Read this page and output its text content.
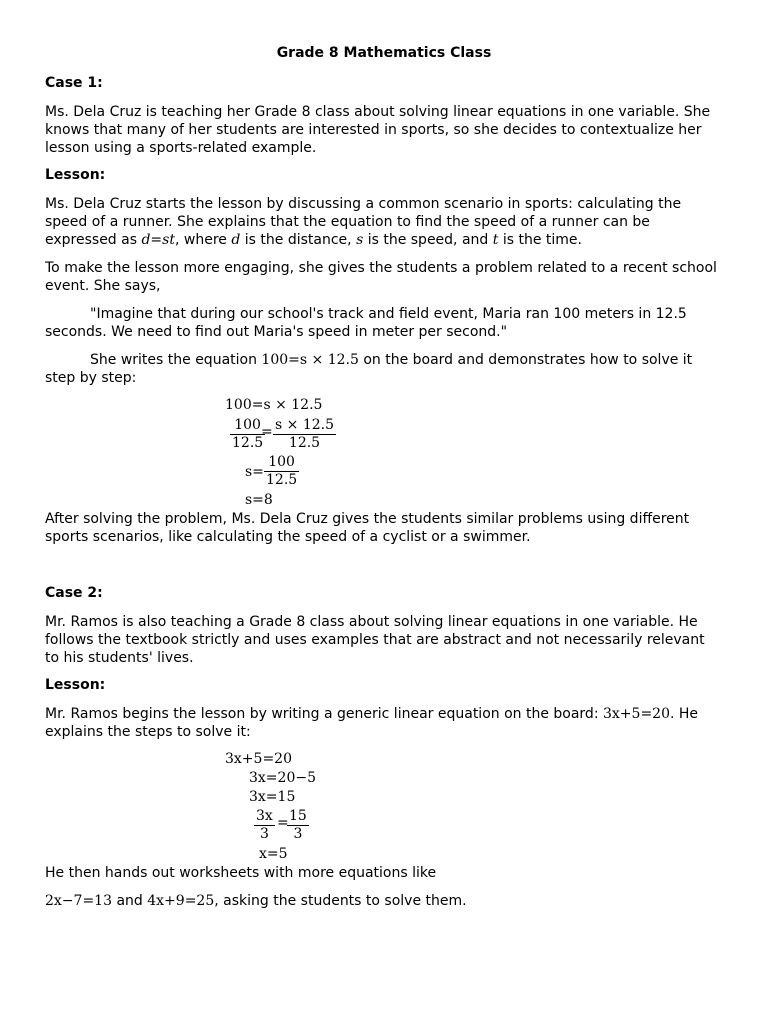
Grade 8 Mathematics Class
Case 1:
Ms. Dela Cruz is teaching her Grade 8 class about solving linear equations in one variable. She knows that many of her students are interested in sports, so she decides to contextualize her lesson using a sports-related example.
Lesson:
Ms. Dela Cruz starts the lesson by discussing a common scenario in sports: calculating the speed of a runner. She explains that the equation to find the speed of a runner can be expressed as d=st, where d is the distance, s is the speed, and t is the time.
To make the lesson more engaging, she gives the students a problem related to a recent school event. She says,
"Imagine that during our school's track and field event, Maria ran 100 meters in 12.5 seconds. We need to find out Maria's speed in meter per second."
She writes the equation 100=s × 12.5 on the board and demonstrates how to solve it step by step:
100=s × 12.5
100
12.5
= s × 12.5
12.5
s=
100
12.5
s=8
After solving the problem, Ms. Dela Cruz gives the students similar problems using different sports scenarios, like calculating the speed of a cyclist or a swimmer.
Case 2:
Mr. Ramos is also teaching a Grade 8 class about solving linear equations in one variable. He follows the textbook strictly and uses examples that are abstract and not necessarily relevant to his students' lives.
Lesson:
Mr. Ramos begins the lesson by writing a generic linear equation on the board: 3x+5=20. He explains the steps to solve it:
3x+5=20
3x=20−5
3x=15
3x
3
= 15
3
x=5
He then hands out worksheets with more equations like
2x−7=13 and 4x+9=25, asking the students to solve them.
